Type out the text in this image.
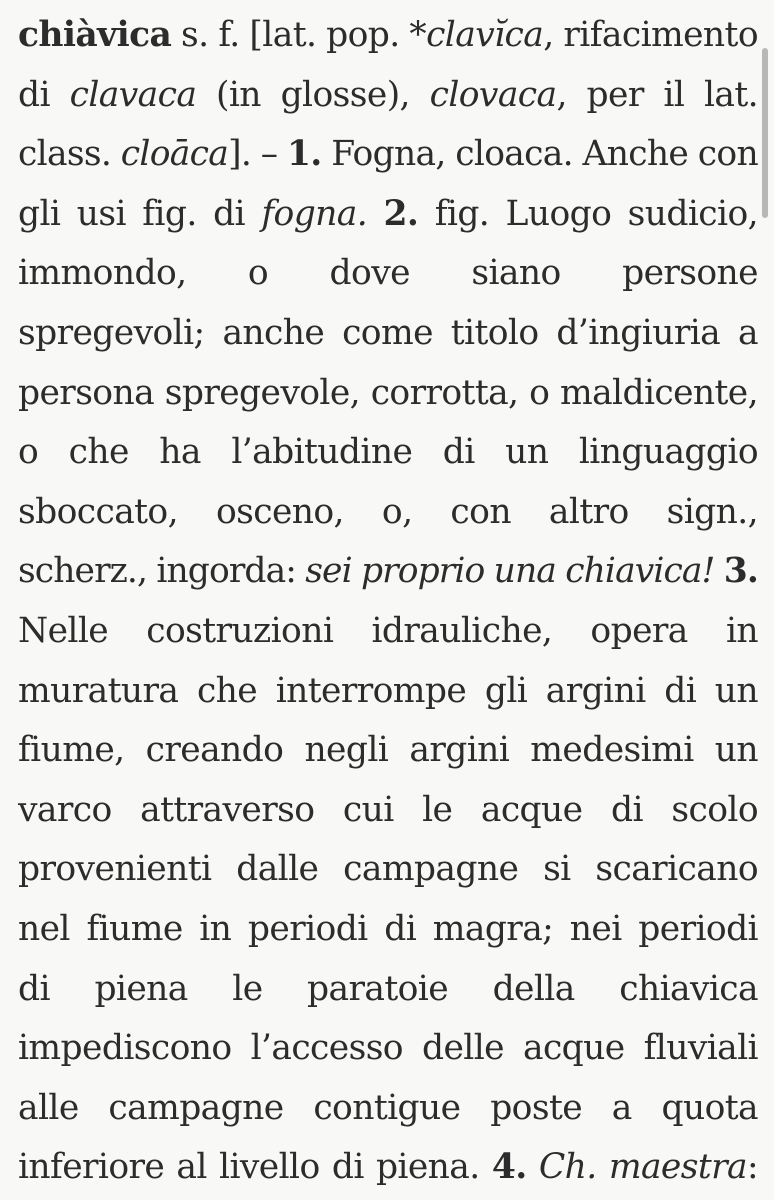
chiàvica s. f. [lat. pop. *clavĭca, rifacimento
di clavaca (in glosse), clovaca, per il lat.
class. cloāca]. – 1. Fogna, cloaca. Anche con
gli usi fig. di fogna. 2. fig. Luogo sudicio,
immondo, o dove siano persone
spregevoli; anche come titolo d’ingiuria a
persona spregevole, corrotta, o maldicente,
o che ha l’abitudine di un linguaggio
sboccato, osceno, o, con altro sign.,
scherz., ingorda: sei proprio una chiavica! 3.
Nelle costruzioni idrauliche, opera in
muratura che interrompe gli argini di un
fiume, creando negli argini medesimi un
varco attraverso cui le acque di scolo
provenienti dalle campagne si scaricano
nel fiume in periodi di magra; nei periodi
di piena le paratoie della chiavica
impediscono l’accesso delle acque fluviali
alle campagne contigue poste a quota
inferiore al livello di piena. 4. Ch. maestra:
